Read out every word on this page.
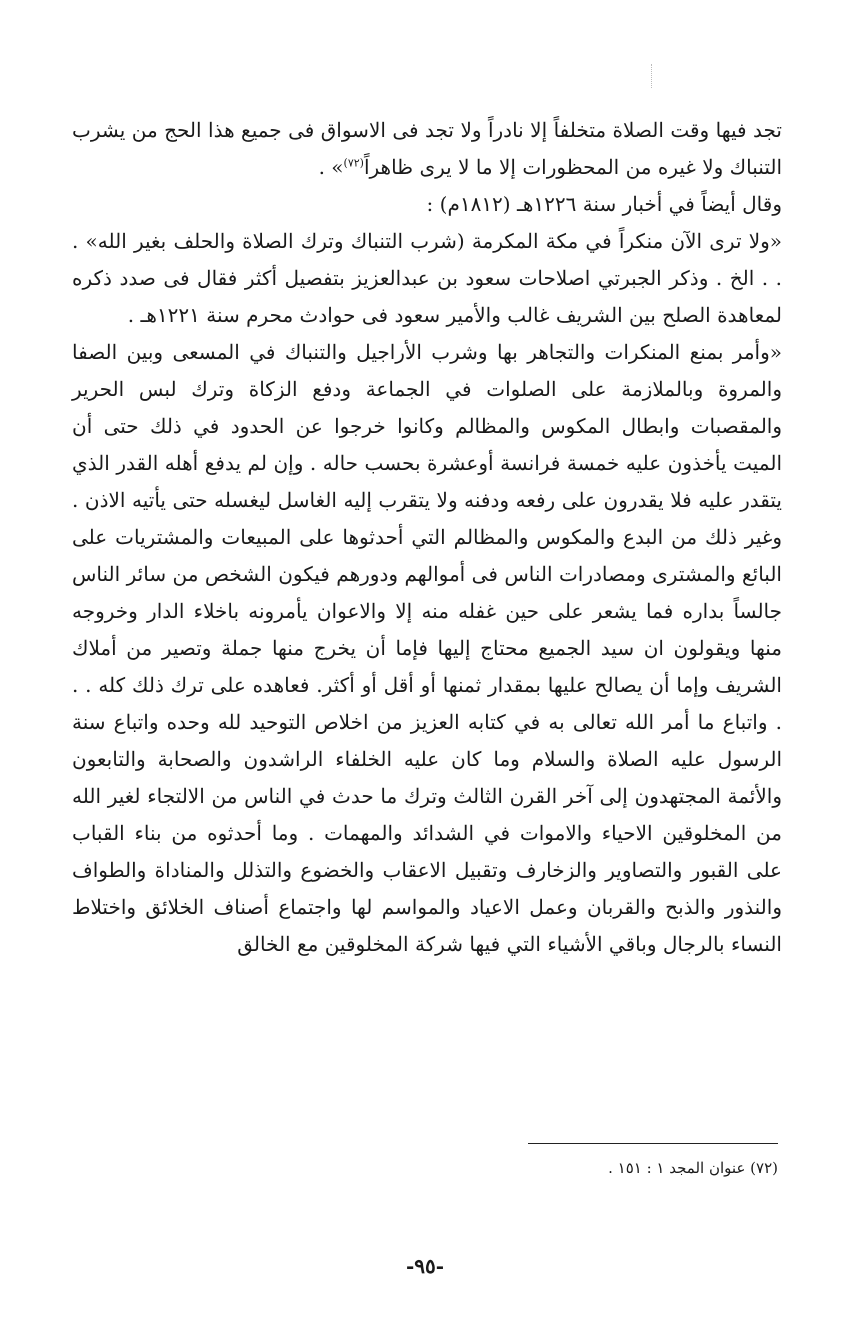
تجد فيها وقت الصلاة متخلفاً إلا نادراً ولا تجد فى الاسواق فى جميع هذا الحج من يشرب التنباك ولا غيره من المحظورات إلا ما لا يرى ظاهراً$^{(٧٢)}$» .

وقال أيضاً في أخبار سنة ١٢٢٦هـ (١٨١٢م) :

«ولا ترى الآن منكراً في مكة المكرمة (شرب التنباك وترك الصلاة والحلف بغير الله» . . . الخ . وذكر الجبرتي اصلاحات سعود بن عبدالعزيز بتفصيل أكثر فقال فى صدد ذكره لمعاهدة الصلح بين الشريف غالب والأمير سعود فى حوادث محرم سنة ١٢٢١هـ .

«وأمر بمنع المنكرات والتجاهر بها وشرب الأراجيل والتنباك في المسعى وبين الصفا والمروة وبالملازمة على الصلوات في الجماعة ودفع الزكاة وترك لبس الحرير والمقصبات وابطال المكوس والمظالم وكانوا خرجوا عن الحدود في ذلك حتى أن الميت يأخذون عليه خمسة فرانسة أوعشرة بحسب حاله . وإن لم يدفع أهله القدر الذي يتقدر عليه فلا يقدرون على رفعه ودفنه ولا يتقرب إليه الغاسل ليغسله حتى يأتيه الاذن . وغير ذلك من البدع والمكوس والمظالم التي أحدثوها على المبيعات والمشتريات على البائع والمشترى ومصادرات الناس فى أموالهم ودورهم فيكون الشخص من سائر الناس جالساً بداره فما يشعر على حين غفله منه إلا والاعوان يأمرونه باخلاء الدار وخروجه منها ويقولون ان سيد الجميع محتاج إليها فإما أن يخرج منها جملة وتصير من أملاك الشريف وإما أن يصالح عليها بمقدار ثمنها أو أقل أو أكثر. فعاهده على ترك ذلك كله . . . واتباع ما أمر الله تعالى به في كتابه العزيز من اخلاص التوحيد لله وحده واتباع سنة الرسول عليه الصلاة والسلام وما كان عليه الخلفاء الراشدون والصحابة والتابعون والأئمة المجتهدون إلى آخر القرن الثالث وترك ما حدث في الناس من الالتجاء لغير الله من المخلوقين الاحياء والاموات في الشدائد والمهمات . وما أحدثوه من بناء القباب على القبور والتصاوير والزخارف وتقبيل الاعقاب والخضوع والتذلل والمناداة والطواف والنذور والذبح والقربان وعمل الاعياد والمواسم لها واجتماع أصناف الخلائق واختلاط النساء بالرجال وباقي الأشياء التي فيها شركة المخلوقين مع الخالق

(٧٢) عنوان المجد ١ : ١٥١ .
-٩٥-
